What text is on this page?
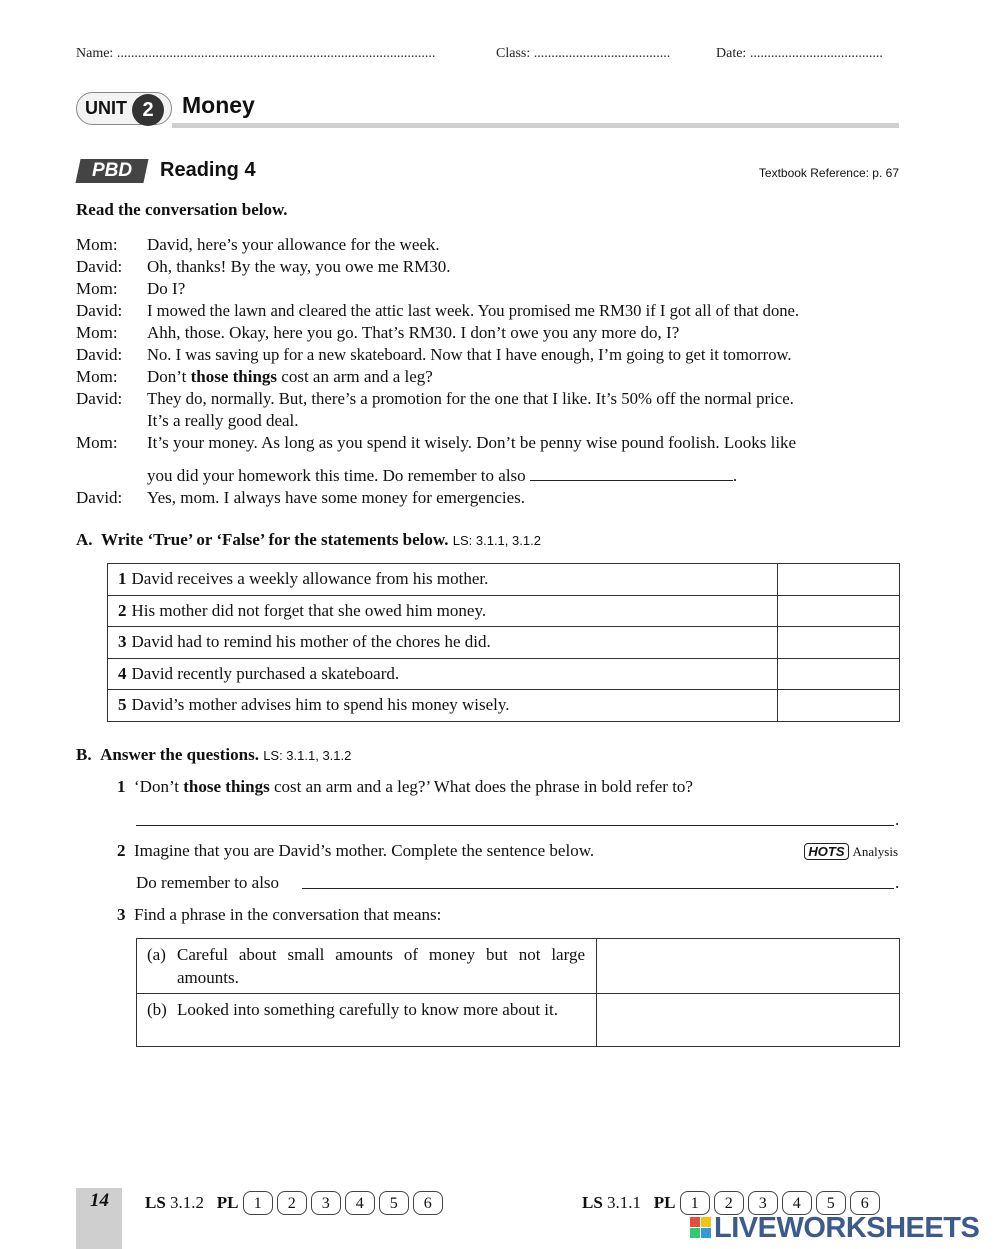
Name: ...........................................................................................	Class: .......................................	Date: ......................................
UNIT 2	Money
PBD	Reading 4	Textbook Reference: p. 67
Read the conversation below.
Mom: David, here’s your allowance for the week.
David: Oh, thanks! By the way, you owe me RM30.
Mom: Do I?
David: I mowed the lawn and cleared the attic last week. You promised me RM30 if I got all of that done.
Mom: Ahh, those. Okay, here you go. That’s RM30. I don’t owe you any more do, I?
David: No. I was saving up for a new skateboard. Now that I have enough, I’m going to get it tomorrow.
Mom: Don’t those things cost an arm and a leg?
David: They do, normally. But, there’s a promotion for the one that I like. It’s 50% off the normal price.
It’s a really good deal.
Mom: It’s your money. As long as you spend it wisely. Don’t be penny wise pound foolish. Looks like
you did your homework this time. Do remember to also	.
David: Yes, mom. I always have some money for emergencies.
A. Write ‘True’ or ‘False’ for the statements below. LS: 3.1.1, 3.1.2
1 David receives a weekly allowance from his mother.	
2 His mother did not forget that she owed him money.	
3 David had to remind his mother of the chores he did.	
4 David recently purchased a skateboard.	
5 David’s mother advises him to spend his money wisely.	
B. Answer the questions. LS: 3.1.1, 3.1.2
1 ‘Don’t those things cost an arm and a leg?’ What does the phrase in bold refer to?
.
2 Imagine that you are David’s mother. Complete the sentence below.	HOTS Analysis
Do remember to also	.
3 Find a phrase in the conversation that means:
(a) Careful about small amounts of money but not large amounts.	
(b) Looked into something carefully to know more about it.	
14 LS 3.1.2 PL 1 2 3 4 5 6	LS 3.1.1 PL 1 2 3 4 5 6
LIVEWORKSHEETS
